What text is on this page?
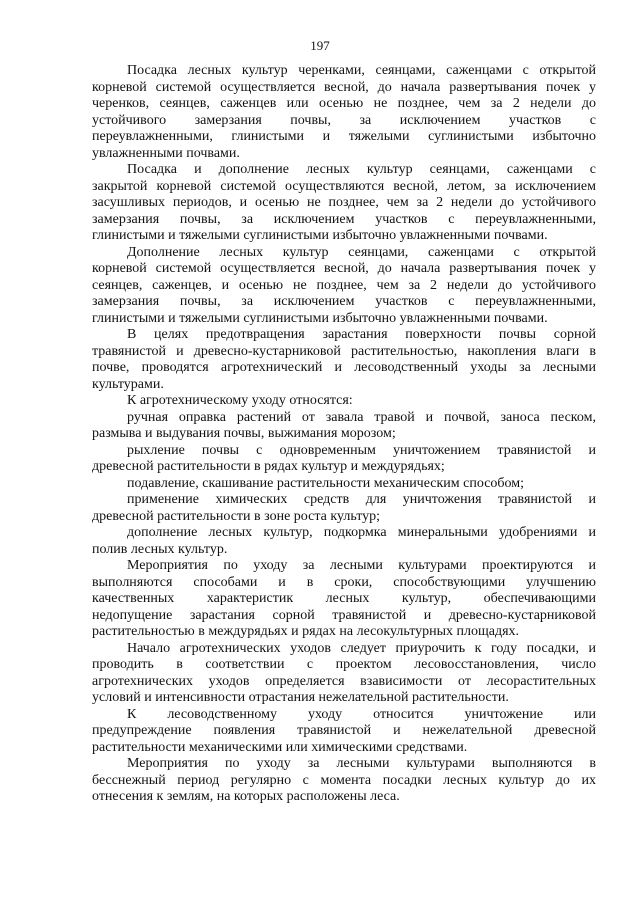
197

Посадка лесных культур черенками, сеянцами, саженцами с открытой
корневой системой осуществляется весной, до начала развертывания почек у
черенков, сеянцев, саженцев или осенью не позднее, чем за 2 недели до
устойчивого замерзания почвы, за исключением участков с
переувлажненными, глинистыми и тяжелыми суглинистыми избыточно
увлажненными почвами.

Посадка и дополнение лесных культур сеянцами, саженцами с
закрытой корневой системой осуществляются весной, летом, за исключением
засушливых периодов, и осенью не позднее, чем за 2 недели до устойчивого
замерзания почвы, за исключением участков с переувлажненными,
глинистыми и тяжелыми суглинистыми избыточно увлажненными почвами.

Дополнение лесных культур сеянцами, саженцами с открытой
корневой системой осуществляется весной, до начала развертывания почек у
сеянцев, саженцев, и осенью не позднее, чем за 2 недели до устойчивого
замерзания почвы, за исключением участков с переувлажненными,
глинистыми и тяжелыми суглинистыми избыточно увлажненными почвами.

В целях предотвращения зарастания поверхности почвы сорной
травянистой и древесно-кустарниковой растительностью, накопления влаги в
почве, проводятся агротехнический и лесоводственный уходы за лесными
культурами.

К агротехническому уходу относятся:

ручная оправка растений от завала травой и почвой, заноса песком,
размыва и выдувания почвы, выжимания морозом;

рыхление почвы с одновременным уничтожением травянистой и
древесной растительности в рядах культур и междурядьях;

подавление, скашивание растительности механическим способом;

применение химических средств для уничтожения травянистой и
древесной растительности в зоне роста культур;

дополнение лесных культур, подкормка минеральными удобрениями и
полив лесных культур.

Мероприятия по уходу за лесными культурами проектируются и
выполняются способами и в сроки, способствующими улучшению
качественных характеристик лесных культур, обеспечивающими
недопущение зарастания сорной травянистой и древесно-кустарниковой
растительностью в междурядьях и рядах на лесокультурных площадях.

Начало агротехнических уходов следует приурочить к году посадки, и
проводить в соответствии с проектом лесовосстановления, число
агротехнических уходов определяется взависимости от лесорастительных
условий и интенсивности отрастания нежелательной растительности.

К лесоводственному уходу относится уничтожение или
предупреждение появления травянистой и нежелательной древесной
растительности механическими или химическими средствами.

Мероприятия по уходу за лесными культурами выполняются в
бесснежный период регулярно с момента посадки лесных культур до их
отнесения к землям, на которых расположены леса.
